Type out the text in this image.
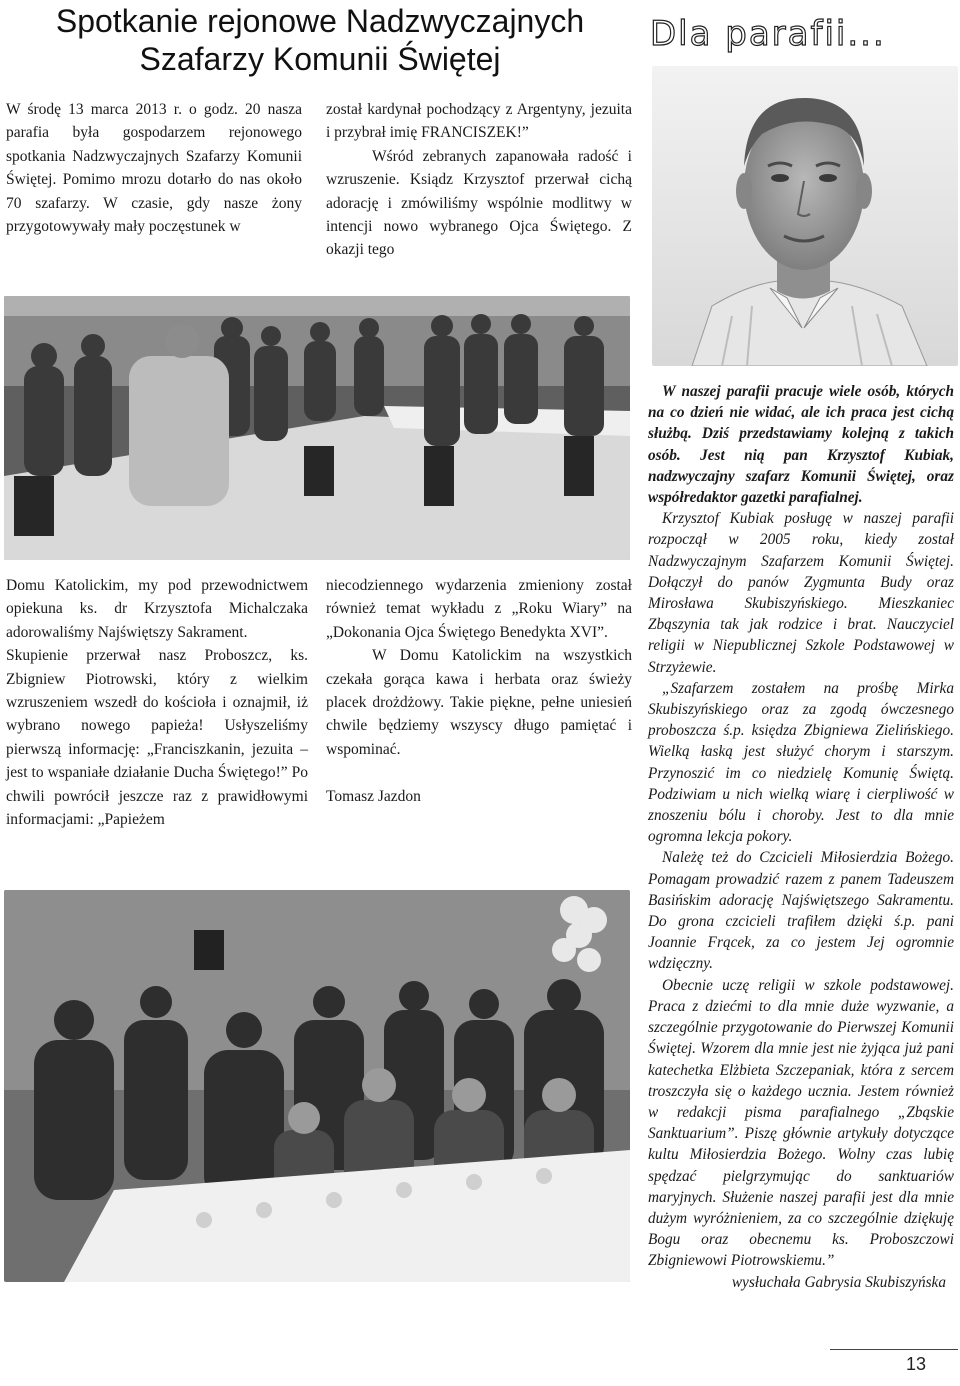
Spotkanie rejonowe Nadzwyczajnych
Szafarzy Komunii Świętej
Dla parafii...

W środę 13 marca 2013 r. o godz. 20 nasza parafia była gospodarzem rejonowego spotkania Nadzwyczajnych Szafarzy Komunii Świętej. Pomimo mrozu dotarło do nas około 70 szafarzy. W czasie, gdy nasze żony przygotowywały mały poczęstunek w

został kardynał pochodzący z Argentyny, jezuita i przybrał imię FRANCISZEK!”

Wśród zebranych zapanowała radość i wzruszenie. Ksiądz Krzysztof przerwał cichą adorację i zmówiliśmy wspólnie modlitwy w intencji nowo wybranego Ojca Świętego. Z okazji tego

Domu Katolickim, my pod przewodnictwem opiekuna ks. dr Krzysztofa Michalczaka adorowaliśmy Najświętszy Sakrament.

Skupienie przerwał nasz Proboszcz, ks. Zbigniew Piotrowski, który z wielkim wzruszeniem wszedł do kościoła i oznajmił, iż wybrano nowego papieża! Usłyszeliśmy pierwszą informację: „Franciszkanin, jezuita – jest to wspaniałe działanie Ducha Świętego!” Po chwili powrócił jeszcze raz z prawidłowymi informacjami: „Papieżem

niecodziennego wydarzenia zmieniony został również temat wykładu z „Roku Wiary” na „Dokonania Ojca Świętego Benedykta XVI”.

W Domu Katolickim na wszystkich czekała gorąca kawa i herbata oraz świeży placek drożdżowy. Takie piękne, pełne uniesień chwile będziemy wszyscy długo pamiętać i wspominać.

Tomasz Jazdon

W naszej parafii pracuje wiele osób, których na co dzień nie widać, ale ich praca jest cichą służbą. Dziś przedstawiamy kolejną z takich osób. Jest nią pan Krzysztof Kubiak, nadzwyczajny szafarz Komunii Świętej, oraz współredaktor gazetki parafialnej.

Krzysztof Kubiak posługę w naszej parafii rozpoczął w 2005 roku, kiedy został Nadzwyczajnym Szafarzem Komunii Świętej. Dołączył do panów Zygmunta Budy oraz Mirosława Skubiszyńskiego. Mieszkaniec Zbąszynia tak jak rodzice i brat. Nauczyciel religii w Niepublicznej Szkole Podstawowej w Strzyżewie.

„Szafarzem zostałem na prośbę Mirka Skubiszyńskiego oraz za zgodą ówczesnego proboszcza ś.p. księdza Zbigniewa Zielińskiego. Wielką łaską jest służyć chorym i starszym. Przynoszić im co niedzielę Komunię Świętą. Podziwiam u nich wielką wiarę i cierpliwość w znoszeniu bólu i choroby. Jest to dla mnie ogromna lekcja pokory.

Należę też do Czcicieli Miłosierdzia Bożego. Pomagam prowadzić razem z panem Tadeuszem Basińskim adorację Najświętszego Sakramentu. Do grona czcicieli trafiłem dzięki ś.p. pani Joannie Frącek, za co jestem Jej ogromnie wdzięczny.

Obecnie uczę religii w szkole podstawowej. Praca z dziećmi to dla mnie duże wyzwanie, a szczególnie przygotowanie do Pierwszej Komunii Świętej. Wzorem dla mnie jest nie żyjąca już pani katechetka Elżbieta Szczepaniak, która z sercem troszczyła się o każdego ucznia. Jestem również w redakcji pisma parafialnego „Zbąskie Sanktuarium”. Piszę głównie artykuły dotyczące kultu Miłosierdzia Bożego. Wolny czas lubię spędzać pielgrzymując do sanktuariów maryjnych. Służenie naszej parafii jest dla mnie dużym wyróżnieniem, za co szczególnie dziękuję Bogu oraz obecnemu ks. Proboszczowi Zbigniewowi Piotrowskiemu.”

wysłuchała Gabrysia Skubiszyńska

13
